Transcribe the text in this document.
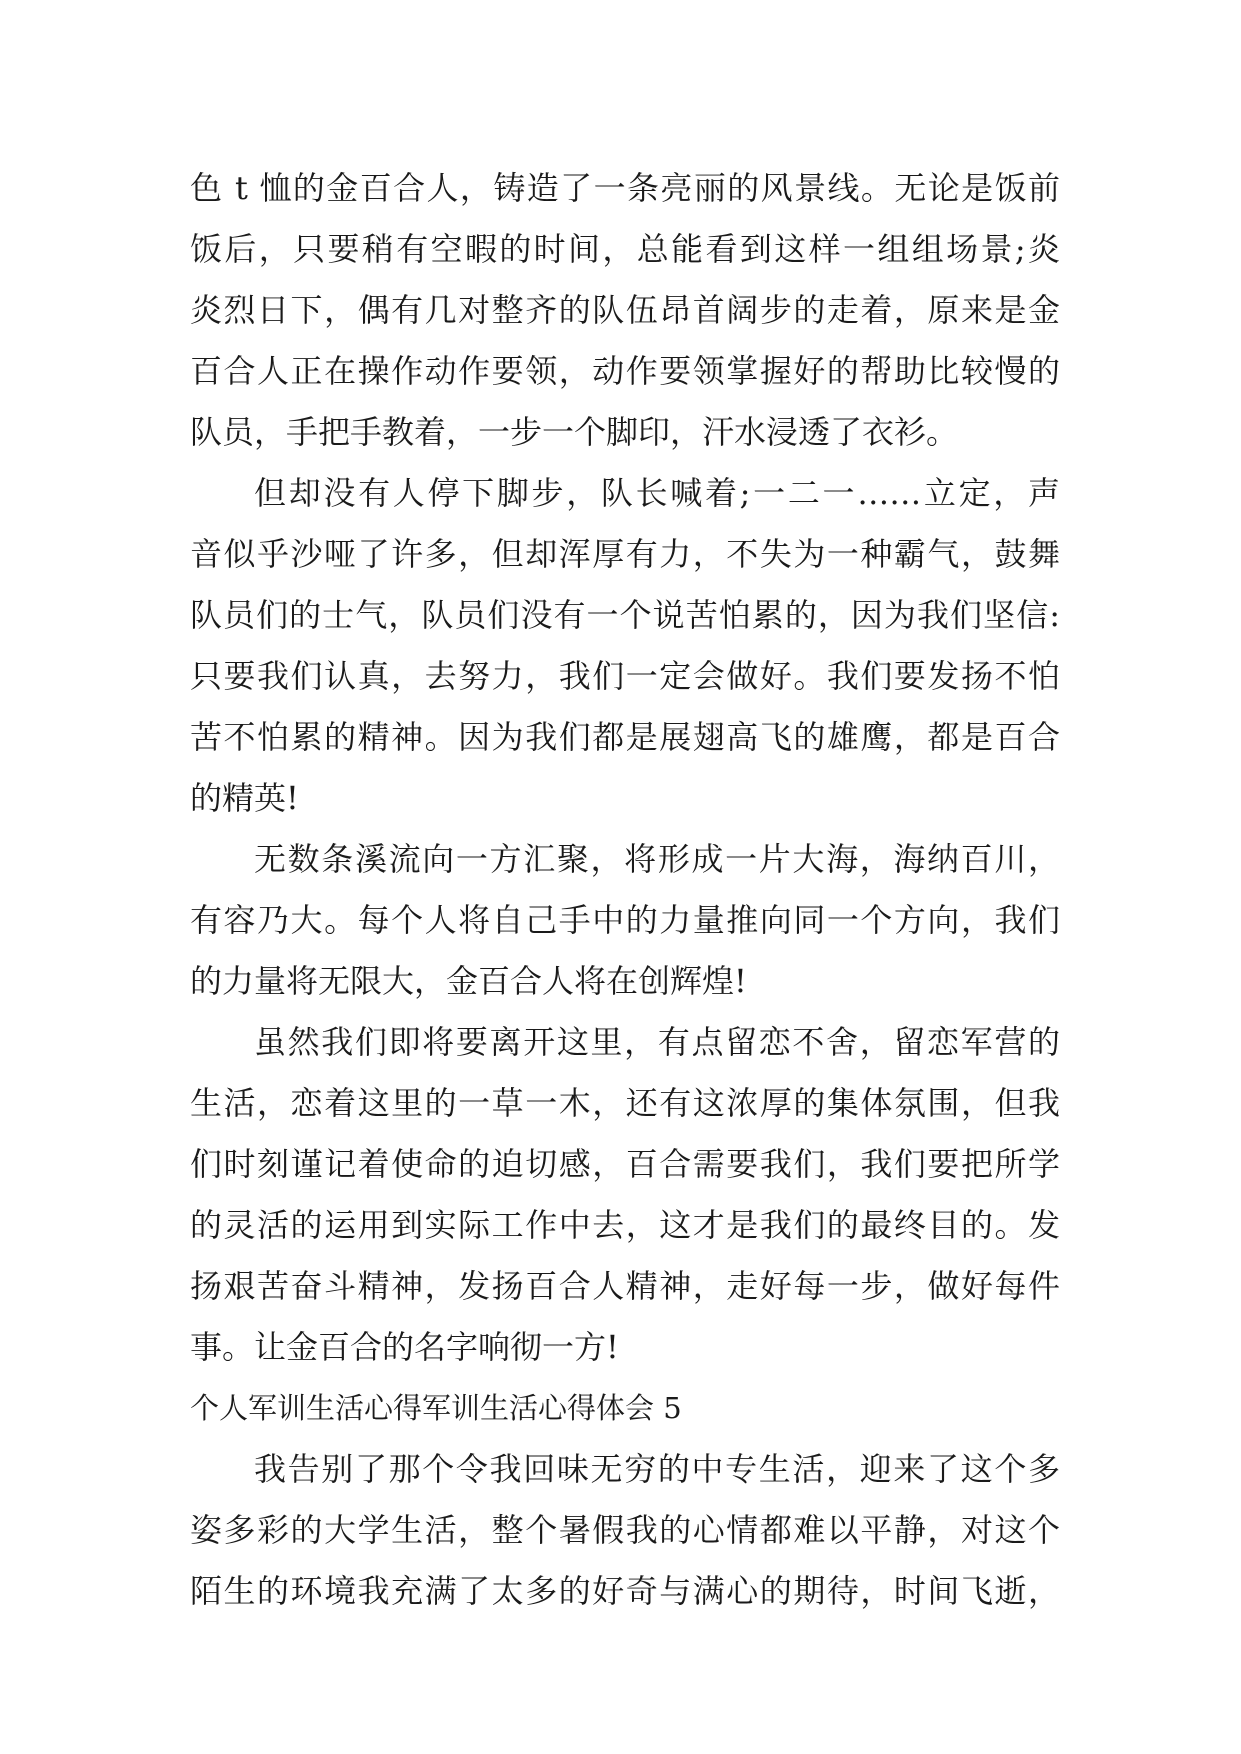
色 t 恤的金百合人，铸造了一条亮丽的风景线。无论是饭前
饭后，只要稍有空暇的时间，总能看到这样一组组场景;炎
炎烈日下，偶有几对整齐的队伍昂首阔步的走着，原来是金
百合人正在操作动作要领，动作要领掌握好的帮助比较慢的
队员，手把手教着，一步一个脚印，汗水浸透了衣衫。
但却没有人停下脚步，队长喊着;一二一……立定，声
音似乎沙哑了许多，但却浑厚有力，不失为一种霸气，鼓舞
队员们的士气，队员们没有一个说苦怕累的，因为我们坚信:
只要我们认真，去努力，我们一定会做好。我们要发扬不怕
苦不怕累的精神。因为我们都是展翅高飞的雄鹰，都是百合
的精英!
无数条溪流向一方汇聚，将形成一片大海，海纳百川，
有容乃大。每个人将自己手中的力量推向同一个方向，我们
的力量将无限大，金百合人将在创辉煌!
虽然我们即将要离开这里，有点留恋不舍，留恋军营的
生活，恋着这里的一草一木，还有这浓厚的集体氛围，但我
们时刻谨记着使命的迫切感，百合需要我们，我们要把所学
的灵活的运用到实际工作中去，这才是我们的最终目的。发
扬艰苦奋斗精神，发扬百合人精神，走好每一步，做好每件
事。让金百合的名字响彻一方!
个人军训生活心得军训生活心得体会 5
我告别了那个令我回味无穷的中专生活，迎来了这个多
姿多彩的大学生活，整个暑假我的心情都难以平静，对这个
陌生的环境我充满了太多的好奇与满心的期待，时间飞逝，
